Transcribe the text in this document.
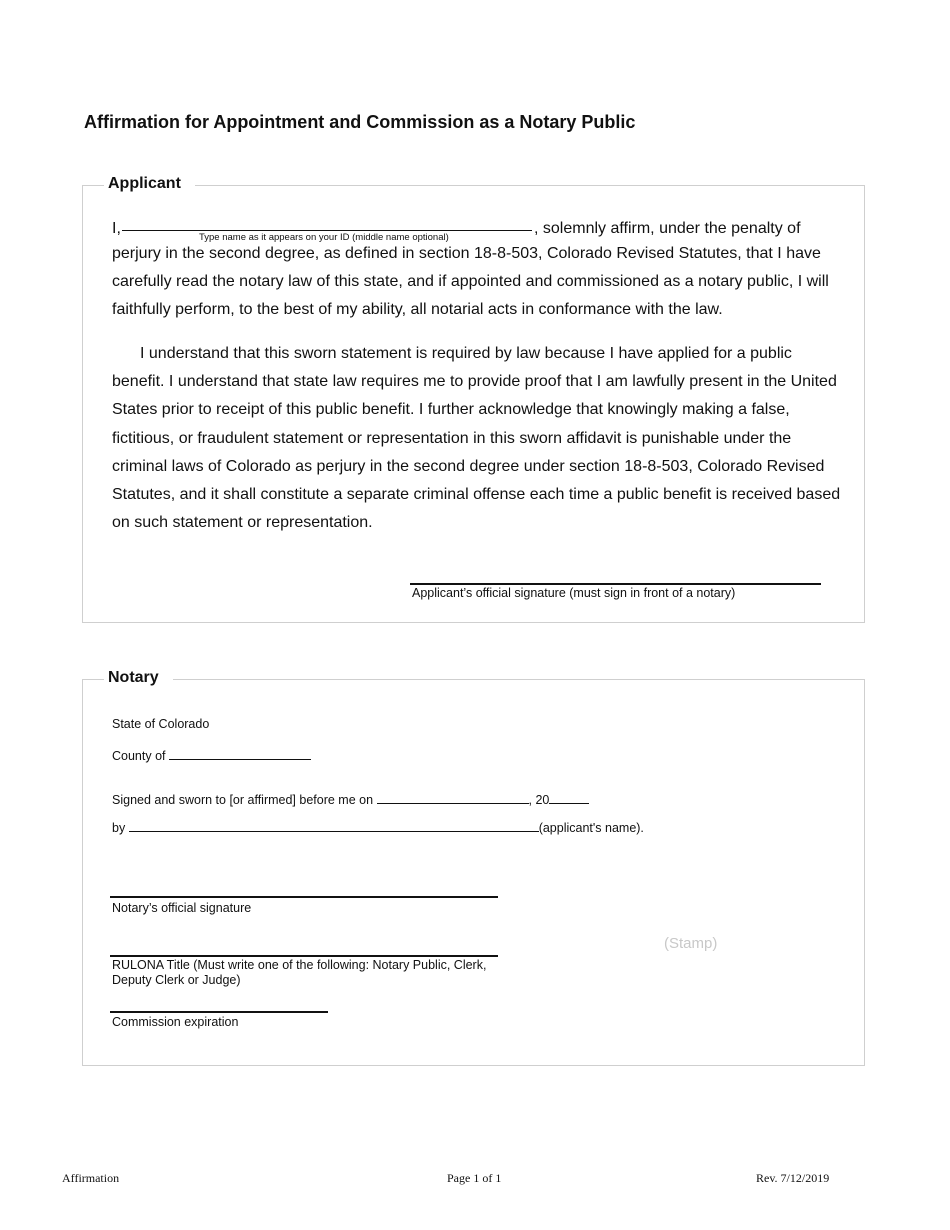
Affirmation for Appointment and Commission as a Notary Public
Applicant
I,
Type name as it appears on your ID (middle name optional)
, solemnly affirm, under the penalty of
perjury in the second degree, as defined in section 18-8-503, Colorado Revised Statutes, that I have carefully read the notary law of this state, and if appointed and commissioned as a notary public, I will faithfully perform, to the best of my ability, all notarial acts in conformance with the law.
I understand that this sworn statement is required by law because I have applied for a public benefit. I understand that state law requires me to provide proof that I am lawfully present in the United States prior to receipt of this public benefit. I further acknowledge that knowingly making a false, fictitious, or fraudulent statement or representation in this sworn affidavit is punishable under the criminal laws of Colorado as perjury in the second degree under section 18-8-503, Colorado Revised Statutes, and it shall constitute a separate criminal offense each time a public benefit is received based on such statement or representation.
Applicant’s official signature (must sign in front of a notary)
Notary
State of Colorado
County of
Signed and sworn to [or affirmed] before me on	, 20
by	(applicant's name).
Notary’s official signature
(Stamp)
RULONA Title (Must write one of the following: Notary Public, Clerk, Deputy Clerk or Judge)
Commission expiration
Affirmation	Page 1 of 1	Rev. 7/12/2019
